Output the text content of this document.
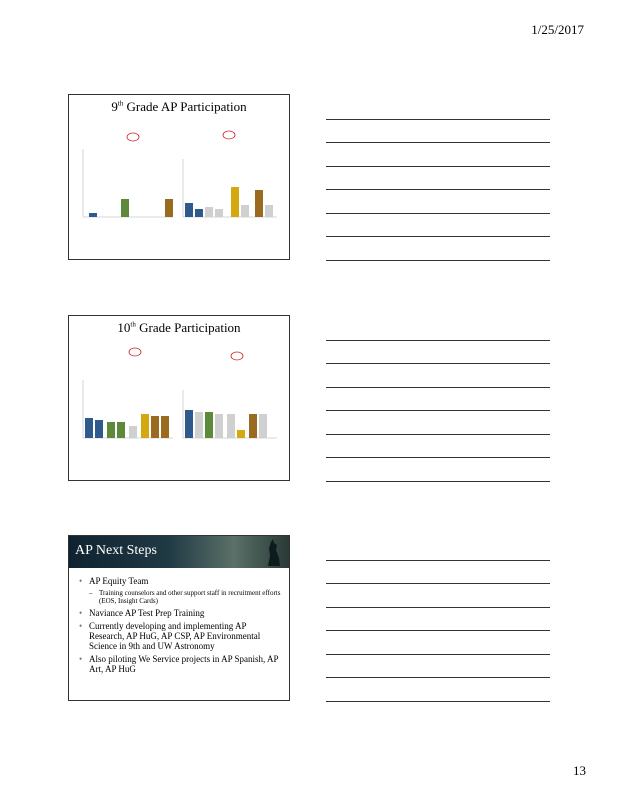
1/25/2017
9th Grade AP Participation
10th Grade Participation
AP Next Steps
• AP Equity Team
– Training counselors and other support staff in recruitment efforts (EOS, Insight Cards)
• Naviance AP Test Prep Training
• Currently developing and implementing AP Research, AP HuG, AP CSP, AP Environmental Science in 9th and UW Astronomy
• Also piloting We Service projects in AP Spanish, AP Art, AP HuG
13
